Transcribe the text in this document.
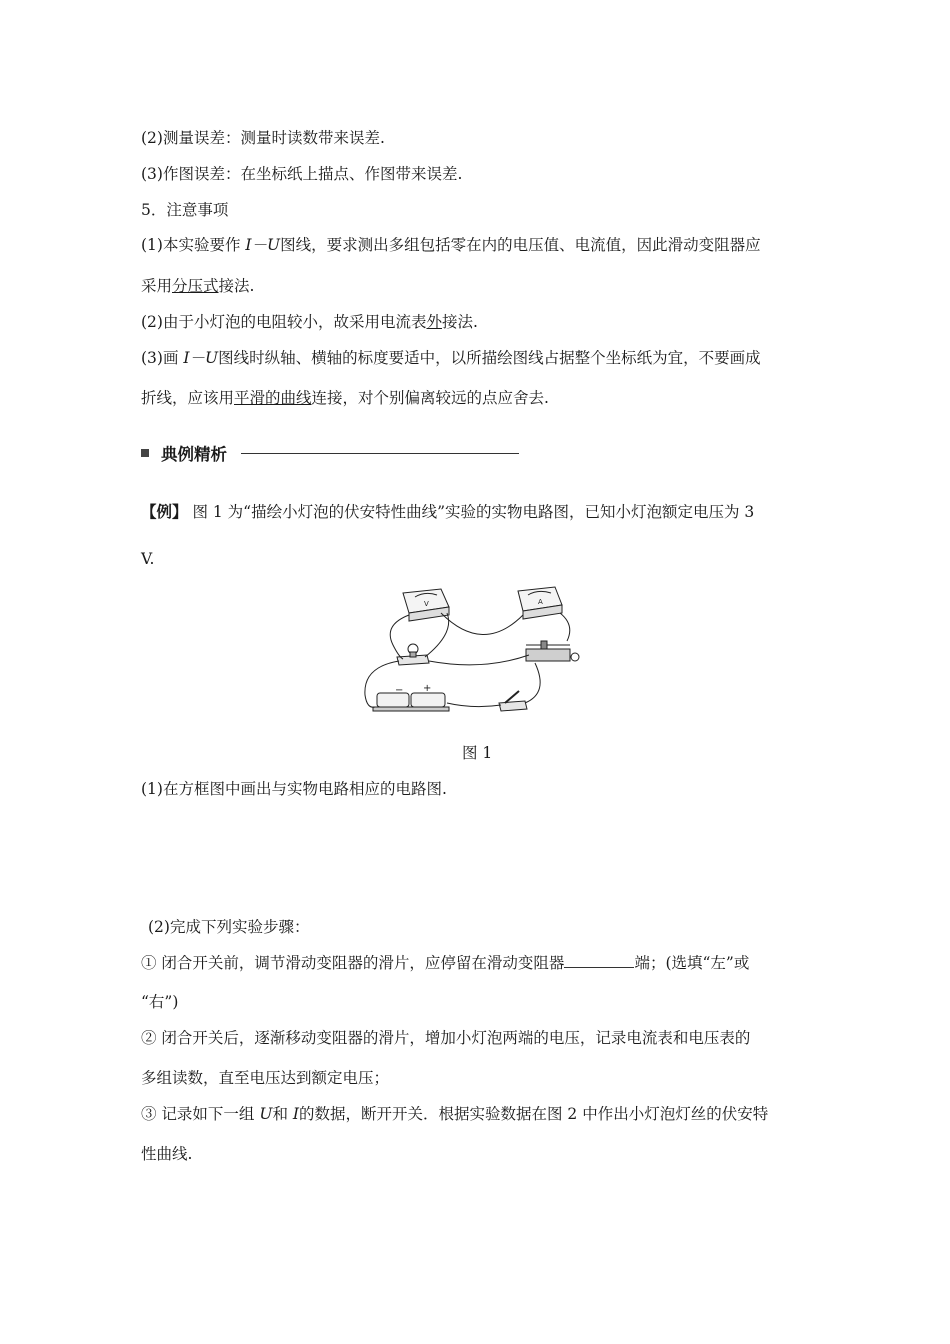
(2)测量误差：测量时读数带来误差.
(3)作图误差：在坐标纸上描点、作图带来误差.
5．注意事项
(1)本实验要作 I－U图线，要求测出多组包括零在内的电压值、电流值，因此滑动变阻器应
采用分压式接法.
(2)由于小灯泡的电阻较小，故采用电流表外接法.
(3)画 I－U图线时纵轴、横轴的标度要适中，以所描绘图线占据整个坐标纸为宜，不要画成
折线，应该用平滑的曲线连接，对个别偏离较远的点应舍去.
典例精析
【例】 图 1 为“描绘小灯泡的伏安特性曲线”实验的实物电路图，已知小灯泡额定电压为 3
V.
− +
V	A
图 1
(1)在方框图中画出与实物电路相应的电路图.
(2)完成下列实验步骤：
① 闭合开关前，调节滑动变阻器的滑片，应停留在滑动变阻器	端；(选填“左”或
“右”)
② 闭合开关后，逐渐移动变阻器的滑片，增加小灯泡两端的电压，记录电流表和电压表的
多组读数，直至电压达到额定电压；
③ 记录如下一组 U和 I的数据，断开开关．根据实验数据在图 2 中作出小灯泡灯丝的伏安特
性曲线.
